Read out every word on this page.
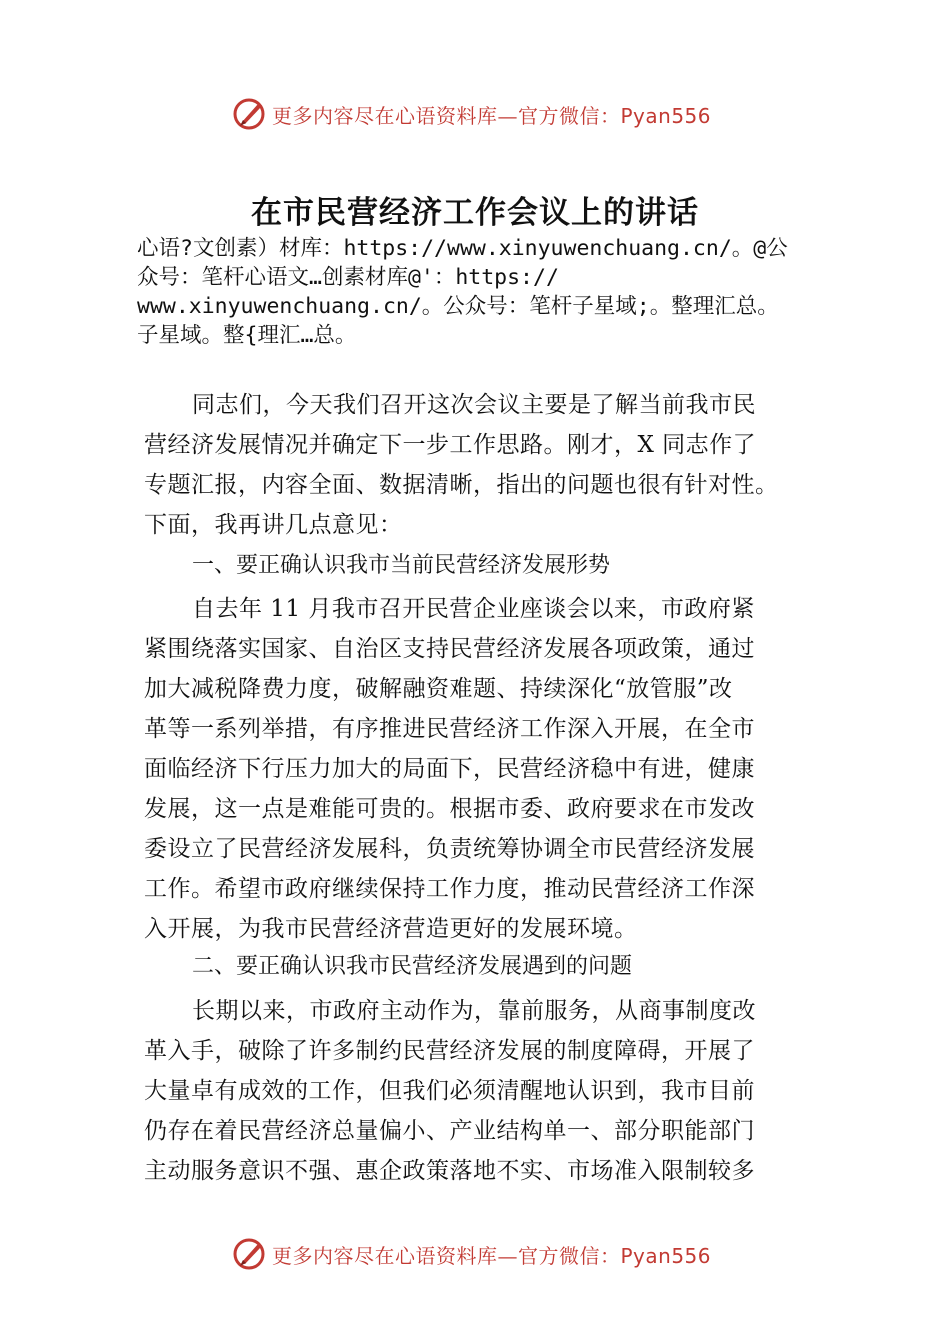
更多内容尽在心语资料库—官方微信：Pyan556
在市民营经济工作会议上的讲话
心语?文创素）材库：https://www.xinyuwenchuang.cn/。@公
众号：笔杆心语文…创素材库@'：https://
www.xinyuwenchuang.cn/。公众号：笔杆子星域;。整理汇总。
子星域。整{理汇…总。
同志们，今天我们召开这次会议主要是了解当前我市民
营经济发展情况并确定下一步工作思路。刚才，X 同志作了
专题汇报，内容全面、数据清晰，指出的问题也很有针对性。
下面，我再讲几点意见：
一、要正确认识我市当前民营经济发展形势
自去年 11 月我市召开民营企业座谈会以来，市政府紧
紧围绕落实国家、自治区支持民营经济发展各项政策，通过
加大减税降费力度，破解融资难题、持续深化“放管服”改
革等一系列举措，有序推进民营经济工作深入开展，在全市
面临经济下行压力加大的局面下，民营经济稳中有进，健康
发展，这一点是难能可贵的。根据市委、政府要求在市发改
委设立了民营经济发展科，负责统筹协调全市民营经济发展
工作。希望市政府继续保持工作力度，推动民营经济工作深
入开展，为我市民营经济营造更好的发展环境。
二、要正确认识我市民营经济发展遇到的问题
长期以来，市政府主动作为，靠前服务，从商事制度改
革入手，破除了许多制约民营经济发展的制度障碍，开展了
大量卓有成效的工作，但我们必须清醒地认识到，我市目前
仍存在着民营经济总量偏小、产业结构单一、部分职能部门
主动服务意识不强、惠企政策落地不实、市场准入限制较多
更多内容尽在心语资料库—官方微信：Pyan556
